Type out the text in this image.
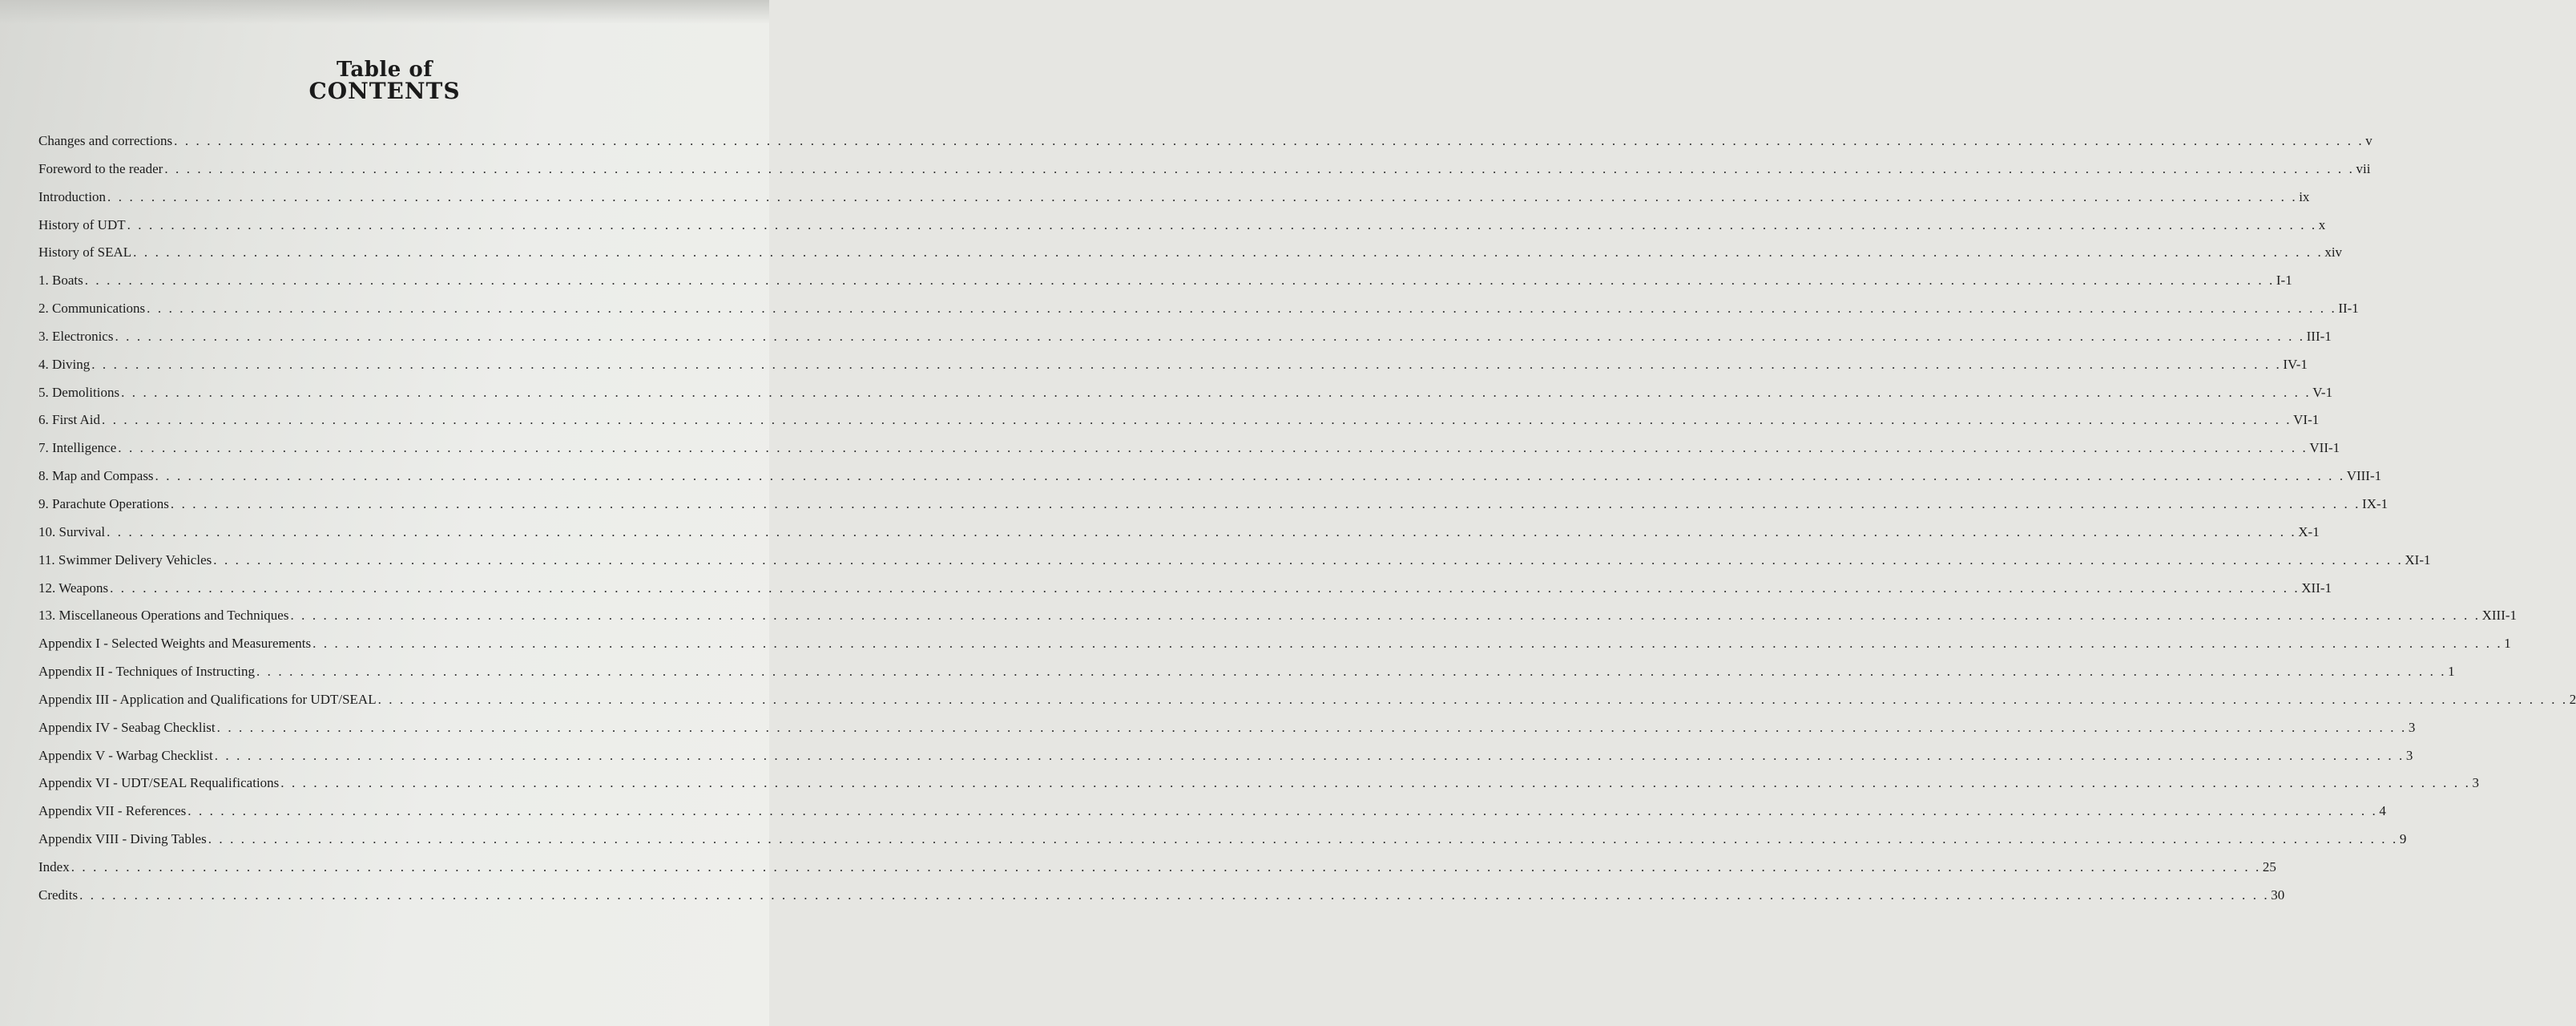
Table of
CONTENTS
Changes and corrections . . . . . . . . . . . . . . . . . . . . . . . . . . . . . . . . . . . . . . . . . . . . . . . . . . . . . . . . . . . . . . . . . . . . . . . . . . . . . . . . . . . . . . . . . . . . . . . . . . . . . . . . . . . . . . . . . . . . . . . . . . . . . . . . . . . . . . . . . . . . . . . . . . . . . . . . . . . . . . . . . . . . . . . . . . . . . . . . . . . . . . . . . . . . . . . . . . . . . . . . v
Foreword to the reader . . . . . . . . . . . . . . . . . . . . . . . . . . . . . . . . . . . . . . . . . . . . . . . . . . . . . . . . . . . . . . . . . . . . . . . . . . . . . . . . . . . . . . . . . . . . . . . . . . . . . . . . . . . . . . . . . . . . . . . . . . . . . . . . . . . . . . . . . . . . . . . . . . . . . . . . . . . . . . . . . . . . . . . . . . . . . . . . . . . . . . . . . . . . . . . . . . . . . . . . vii
Introduction . . . . . . . . . . . . . . . . . . . . . . . . . . . . . . . . . . . . . . . . . . . . . . . . . . . . . . . . . . . . . . . . . . . . . . . . . . . . . . . . . . . . . . . . . . . . . . . . . . . . . . . . . . . . . . . . . . . . . . . . . . . . . . . . . . . . . . . . . . . . . . . . . . . . . . . . . . . . . . . . . . . . . . . . . . . . . . . . . . . . . . . . . . . . . . . . . . . . . . . . ix
History of UDT . . . . . . . . . . . . . . . . . . . . . . . . . . . . . . . . . . . . . . . . . . . . . . . . . . . . . . . . . . . . . . . . . . . . . . . . . . . . . . . . . . . . . . . . . . . . . . . . . . . . . . . . . . . . . . . . . . . . . . . . . . . . . . . . . . . . . . . . . . . . . . . . . . . . . . . . . . . . . . . . . . . . . . . . . . . . . . . . . . . . . . . . . . . . . . . . . . . . . . . . x
History of SEAL . . . . . . . . . . . . . . . . . . . . . . . . . . . . . . . . . . . . . . . . . . . . . . . . . . . . . . . . . . . . . . . . . . . . . . . . . . . . . . . . . . . . . . . . . . . . . . . . . . . . . . . . . . . . . . . . . . . . . . . . . . . . . . . . . . . . . . . . . . . . . . . . . . . . . . . . . . . . . . . . . . . . . . . . . . . . . . . . . . . . . . . . . . . . . . . . . . . . . . . . xiv
1. Boats . . . . . . . . . . . . . . . . . . . . . . . . . . . . . . . . . . . . . . . . . . . . . . . . . . . . . . . . . . . . . . . . . . . . . . . . . . . . . . . . . . . . . . . . . . . . . . . . . . . . . . . . . . . . . . . . . . . . . . . . . . . . . . . . . . . . . . . . . . . . . . . . . . . . . . . . . . . . . . . . . . . . . . . . . . . . . . . . . . . . . . . . . . . . . . . . . . . . . . . . I-1
2. Communications . . . . . . . . . . . . . . . . . . . . . . . . . . . . . . . . . . . . . . . . . . . . . . . . . . . . . . . . . . . . . . . . . . . . . . . . . . . . . . . . . . . . . . . . . . . . . . . . . . . . . . . . . . . . . . . . . . . . . . . . . . . . . . . . . . . . . . . . . . . . . . . . . . . . . . . . . . . . . . . . . . . . . . . . . . . . . . . . . . . . . . . . . . . . . . . . . . . . . . . . II-1
3. Electronics . . . . . . . . . . . . . . . . . . . . . . . . . . . . . . . . . . . . . . . . . . . . . . . . . . . . . . . . . . . . . . . . . . . . . . . . . . . . . . . . . . . . . . . . . . . . . . . . . . . . . . . . . . . . . . . . . . . . . . . . . . . . . . . . . . . . . . . . . . . . . . . . . . . . . . . . . . . . . . . . . . . . . . . . . . . . . . . . . . . . . . . . . . . . . . . . . . . . . . . . III-1
4. Diving . . . . . . . . . . . . . . . . . . . . . . . . . . . . . . . . . . . . . . . . . . . . . . . . . . . . . . . . . . . . . . . . . . . . . . . . . . . . . . . . . . . . . . . . . . . . . . . . . . . . . . . . . . . . . . . . . . . . . . . . . . . . . . . . . . . . . . . . . . . . . . . . . . . . . . . . . . . . . . . . . . . . . . . . . . . . . . . . . . . . . . . . . . . . . . . . . . . . . . . . IV-1
5. Demolitions . . . . . . . . . . . . . . . . . . . . . . . . . . . . . . . . . . . . . . . . . . . . . . . . . . . . . . . . . . . . . . . . . . . . . . . . . . . . . . . . . . . . . . . . . . . . . . . . . . . . . . . . . . . . . . . . . . . . . . . . . . . . . . . . . . . . . . . . . . . . . . . . . . . . . . . . . . . . . . . . . . . . . . . . . . . . . . . . . . . . . . . . . . . . . . . . . . . . . . . . V-1
6. First Aid . . . . . . . . . . . . . . . . . . . . . . . . . . . . . . . . . . . . . . . . . . . . . . . . . . . . . . . . . . . . . . . . . . . . . . . . . . . . . . . . . . . . . . . . . . . . . . . . . . . . . . . . . . . . . . . . . . . . . . . . . . . . . . . . . . . . . . . . . . . . . . . . . . . . . . . . . . . . . . . . . . . . . . . . . . . . . . . . . . . . . . . . . . . . . . . . . . . . . . . . VI-1
7. Intelligence . . . . . . . . . . . . . . . . . . . . . . . . . . . . . . . . . . . . . . . . . . . . . . . . . . . . . . . . . . . . . . . . . . . . . . . . . . . . . . . . . . . . . . . . . . . . . . . . . . . . . . . . . . . . . . . . . . . . . . . . . . . . . . . . . . . . . . . . . . . . . . . . . . . . . . . . . . . . . . . . . . . . . . . . . . . . . . . . . . . . . . . . . . . . . . . . . . . . . . . . VII-1
8. Map and Compass . . . . . . . . . . . . . . . . . . . . . . . . . . . . . . . . . . . . . . . . . . . . . . . . . . . . . . . . . . . . . . . . . . . . . . . . . . . . . . . . . . . . . . . . . . . . . . . . . . . . . . . . . . . . . . . . . . . . . . . . . . . . . . . . . . . . . . . . . . . . . . . . . . . . . . . . . . . . . . . . . . . . . . . . . . . . . . . . . . . . . . . . . . . . . . . . . . . . . . . . VIII-1
9. Parachute Operations . . . . . . . . . . . . . . . . . . . . . . . . . . . . . . . . . . . . . . . . . . . . . . . . . . . . . . . . . . . . . . . . . . . . . . . . . . . . . . . . . . . . . . . . . . . . . . . . . . . . . . . . . . . . . . . . . . . . . . . . . . . . . . . . . . . . . . . . . . . . . . . . . . . . . . . . . . . . . . . . . . . . . . . . . . . . . . . . . . . . . . . . . . . . . . . . . . . . . . . . IX-1
10. Survival . . . . . . . . . . . . . . . . . . . . . . . . . . . . . . . . . . . . . . . . . . . . . . . . . . . . . . . . . . . . . . . . . . . . . . . . . . . . . . . . . . . . . . . . . . . . . . . . . . . . . . . . . . . . . . . . . . . . . . . . . . . . . . . . . . . . . . . . . . . . . . . . . . . . . . . . . . . . . . . . . . . . . . . . . . . . . . . . . . . . . . . . . . . . . . . . . . . . . . . . X-1
11. Swimmer Delivery Vehicles . . . . . . . . . . . . . . . . . . . . . . . . . . . . . . . . . . . . . . . . . . . . . . . . . . . . . . . . . . . . . . . . . . . . . . . . . . . . . . . . . . . . . . . . . . . . . . . . . . . . . . . . . . . . . . . . . . . . . . . . . . . . . . . . . . . . . . . . . . . . . . . . . . . . . . . . . . . . . . . . . . . . . . . . . . . . . . . . . . . . . . . . . . . . . . . . . . . . . . . . XI-1
12. Weapons . . . . . . . . . . . . . . . . . . . . . . . . . . . . . . . . . . . . . . . . . . . . . . . . . . . . . . . . . . . . . . . . . . . . . . . . . . . . . . . . . . . . . . . . . . . . . . . . . . . . . . . . . . . . . . . . . . . . . . . . . . . . . . . . . . . . . . . . . . . . . . . . . . . . . . . . . . . . . . . . . . . . . . . . . . . . . . . . . . . . . . . . . . . . . . . . . . . . . . . . XII-1
13. Miscellaneous Operations and Techniques . . . . . . . . . . . . . . . . . . . . . . . . . . . . . . . . . . . . . . . . . . . . . . . . . . . . . . . . . . . . . . . . . . . . . . . . . . . . . . . . . . . . . . . . . . . . . . . . . . . . . . . . . . . . . . . . . . . . . . . . . . . . . . . . . . . . . . . . . . . . . . . . . . . . . . . . . . . . . . . . . . . . . . . . . . . . . . . . . . . . . . . . . . . . . . . . . . . . . . . . XIII-1
Appendix I - Selected Weights and Measurements . . . . . . . . . . . . . . . . . . . . . . . . . . . . . . . . . . . . . . . . . . . . . . . . . . . . . . . . . . . . . . . . . . . . . . . . . . . . . . . . . . . . . . . . . . . . . . . . . . . . . . . . . . . . . . . . . . . . . . . . . . . . . . . . . . . . . . . . . . . . . . . . . . . . . . . . . . . . . . . . . . . . . . . . . . . . . . . . . . . . . . . . . . . . . . . . . . . . . . . . 1
Appendix II - Techniques of Instructing . . . . . . . . . . . . . . . . . . . . . . . . . . . . . . . . . . . . . . . . . . . . . . . . . . . . . . . . . . . . . . . . . . . . . . . . . . . . . . . . . . . . . . . . . . . . . . . . . . . . . . . . . . . . . . . . . . . . . . . . . . . . . . . . . . . . . . . . . . . . . . . . . . . . . . . . . . . . . . . . . . . . . . . . . . . . . . . . . . . . . . . . . . . . . . . . . . . . . . . . 1
Appendix III - Application and Qualifications for UDT/SEAL . . . . . . . . . . . . . . . . . . . . . . . . . . . . . . . . . . . . . . . . . . . . . . . . . . . . . . . . . . . . . . . . . . . . . . . . . . . . . . . . . . . . . . . . . . . . . . . . . . . . . . . . . . . . . . . . . . . . . . . . . . . . . . . . . . . . . . . . . . . . . . . . . . . . . . . . . . . . . . . . . . . . . . . . . . . . . . . . . . . . . . . . . . . . . . . . . . . . . . . . 2
Appendix IV - Seabag Checklist . . . . . . . . . . . . . . . . . . . . . . . . . . . . . . . . . . . . . . . . . . . . . . . . . . . . . . . . . . . . . . . . . . . . . . . . . . . . . . . . . . . . . . . . . . . . . . . . . . . . . . . . . . . . . . . . . . . . . . . . . . . . . . . . . . . . . . . . . . . . . . . . . . . . . . . . . . . . . . . . . . . . . . . . . . . . . . . . . . . . . . . . . . . . . . . . . . . . . . . . 3
Appendix V - Warbag Checklist . . . . . . . . . . . . . . . . . . . . . . . . . . . . . . . . . . . . . . . . . . . . . . . . . . . . . . . . . . . . . . . . . . . . . . . . . . . . . . . . . . . . . . . . . . . . . . . . . . . . . . . . . . . . . . . . . . . . . . . . . . . . . . . . . . . . . . . . . . . . . . . . . . . . . . . . . . . . . . . . . . . . . . . . . . . . . . . . . . . . . . . . . . . . . . . . . . . . . . . . 3
Appendix VI - UDT/SEAL Requalifications . . . . . . . . . . . . . . . . . . . . . . . . . . . . . . . . . . . . . . . . . . . . . . . . . . . . . . . . . . . . . . . . . . . . . . . . . . . . . . . . . . . . . . . . . . . . . . . . . . . . . . . . . . . . . . . . . . . . . . . . . . . . . . . . . . . . . . . . . . . . . . . . . . . . . . . . . . . . . . . . . . . . . . . . . . . . . . . . . . . . . . . . . . . . . . . . . . . . . . . . 3
Appendix VII - References . . . . . . . . . . . . . . . . . . . . . . . . . . . . . . . . . . . . . . . . . . . . . . . . . . . . . . . . . . . . . . . . . . . . . . . . . . . . . . . . . . . . . . . . . . . . . . . . . . . . . . . . . . . . . . . . . . . . . . . . . . . . . . . . . . . . . . . . . . . . . . . . . . . . . . . . . . . . . . . . . . . . . . . . . . . . . . . . . . . . . . . . . . . . . . . . . . . . . . . . 4
Appendix VIII - Diving Tables . . . . . . . . . . . . . . . . . . . . . . . . . . . . . . . . . . . . . . . . . . . . . . . . . . . . . . . . . . . . . . . . . . . . . . . . . . . . . . . . . . . . . . . . . . . . . . . . . . . . . . . . . . . . . . . . . . . . . . . . . . . . . . . . . . . . . . . . . . . . . . . . . . . . . . . . . . . . . . . . . . . . . . . . . . . . . . . . . . . . . . . . . . . . . . . . . . . . . . . . 9
Index . . . . . . . . . . . . . . . . . . . . . . . . . . . . . . . . . . . . . . . . . . . . . . . . . . . . . . . . . . . . . . . . . . . . . . . . . . . . . . . . . . . . . . . . . . . . . . . . . . . . . . . . . . . . . . . . . . . . . . . . . . . . . . . . . . . . . . . . . . . . . . . . . . . . . . . . . . . . . . . . . . . . . . . . . . . . . . . . . . . . . . . . . . . . . . . . . . . . . . . . 25
Credits . . . . . . . . . . . . . . . . . . . . . . . . . . . . . . . . . . . . . . . . . . . . . . . . . . . . . . . . . . . . . . . . . . . . . . . . . . . . . . . . . . . . . . . . . . . . . . . . . . . . . . . . . . . . . . . . . . . . . . . . . . . . . . . . . . . . . . . . . . . . . . . . . . . . . . . . . . . . . . . . . . . . . . . . . . . . . . . . . . . . . . . . . . . . . . . . . . . . . . . . 30
